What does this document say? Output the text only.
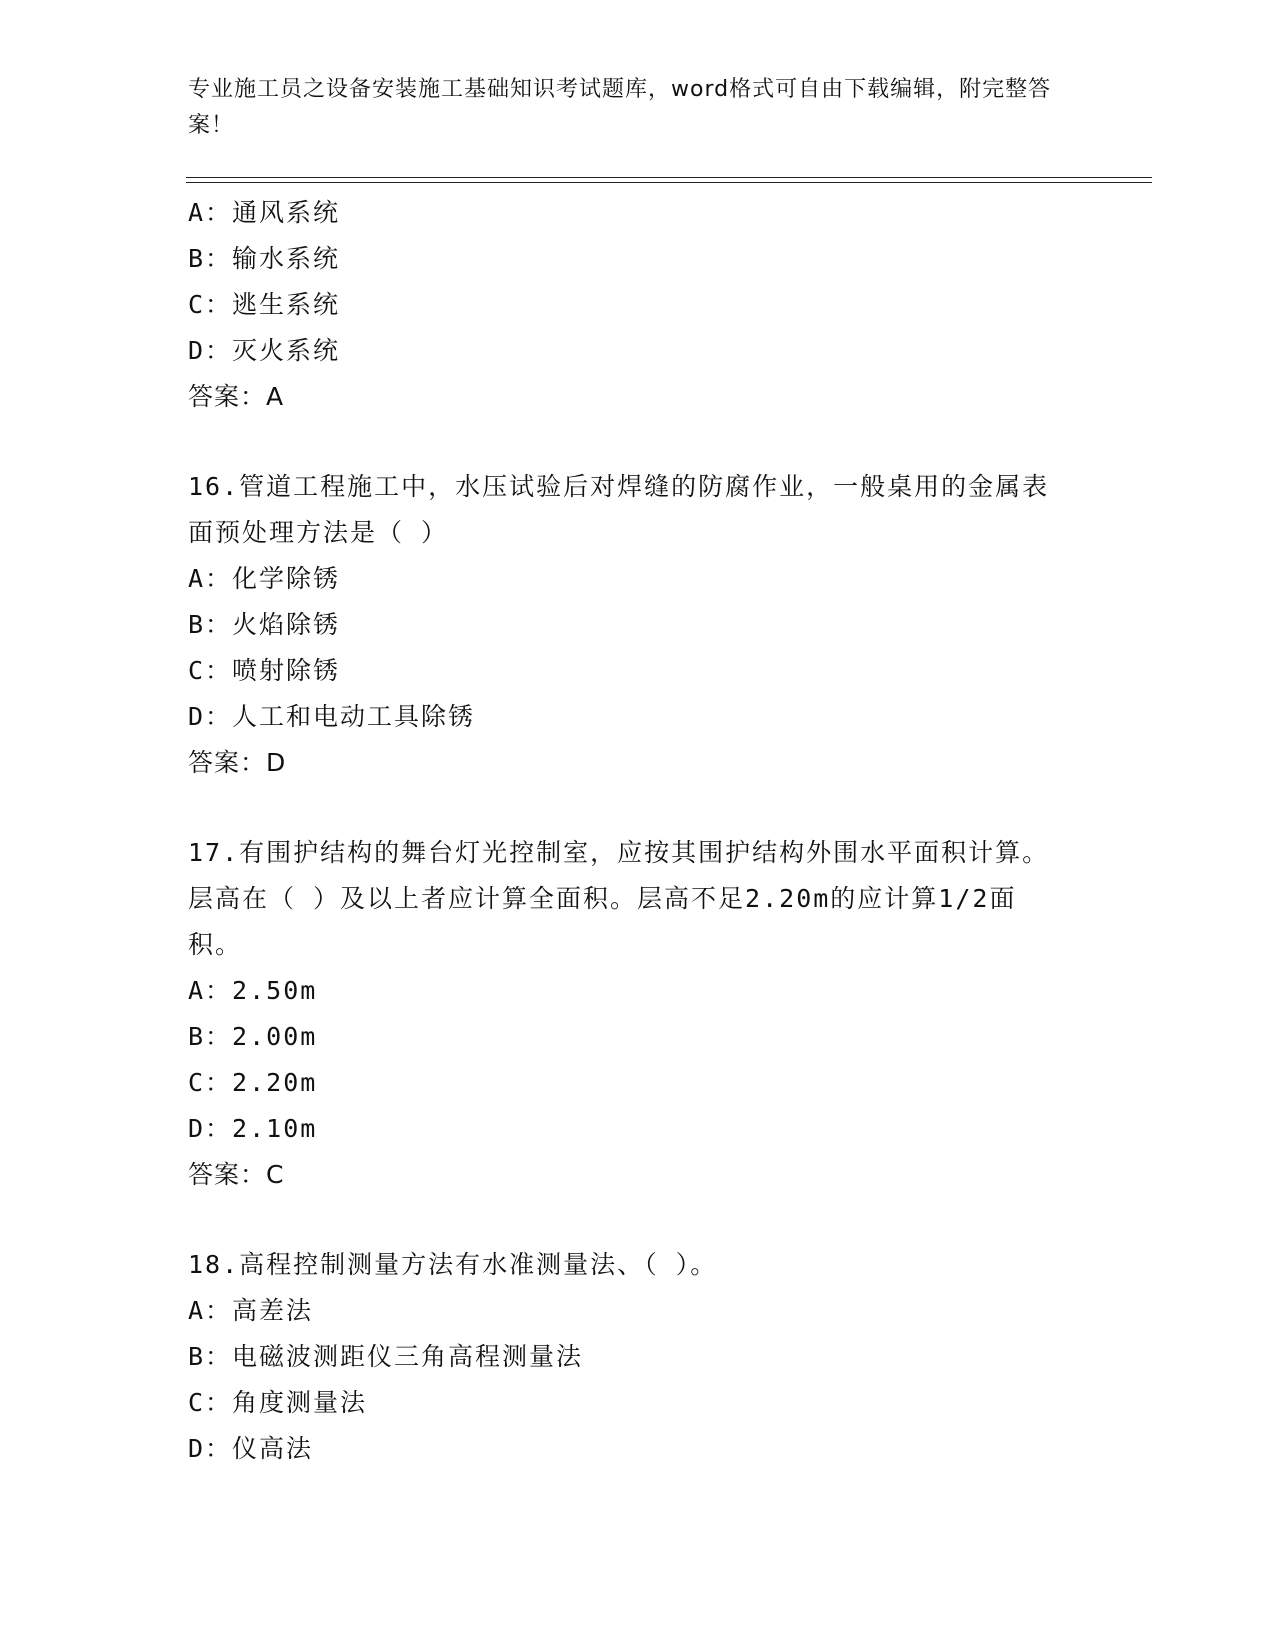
专业施工员之设备安装施工基础知识考试题库，word格式可自由下载编辑，附完整答案！
A：通风系统
B：输水系统
C：逃生系统
D：灭火系统
答案：A
16.管道工程施工中，水压试验后对焊缝的防腐作业，一般桌用的金属表面预处理方法是（ ）
A：化学除锈
B：火焰除锈
C：喷射除锈
D：人工和电动工具除锈
答案：D
17.有围护结构的舞台灯光控制室，应按其围护结构外围水平面积计算。层高在（ ）及以上者应计算全面积。层高不足2.20m的应计算1/2面积。
A：2.50m
B：2.00m
C：2.20m
D：2.10m
答案：C
18.高程控制测量方法有水准测量法、（ ）。
A：高差法
B：电磁波测距仪三角高程测量法
C：角度测量法
D：仪高法
